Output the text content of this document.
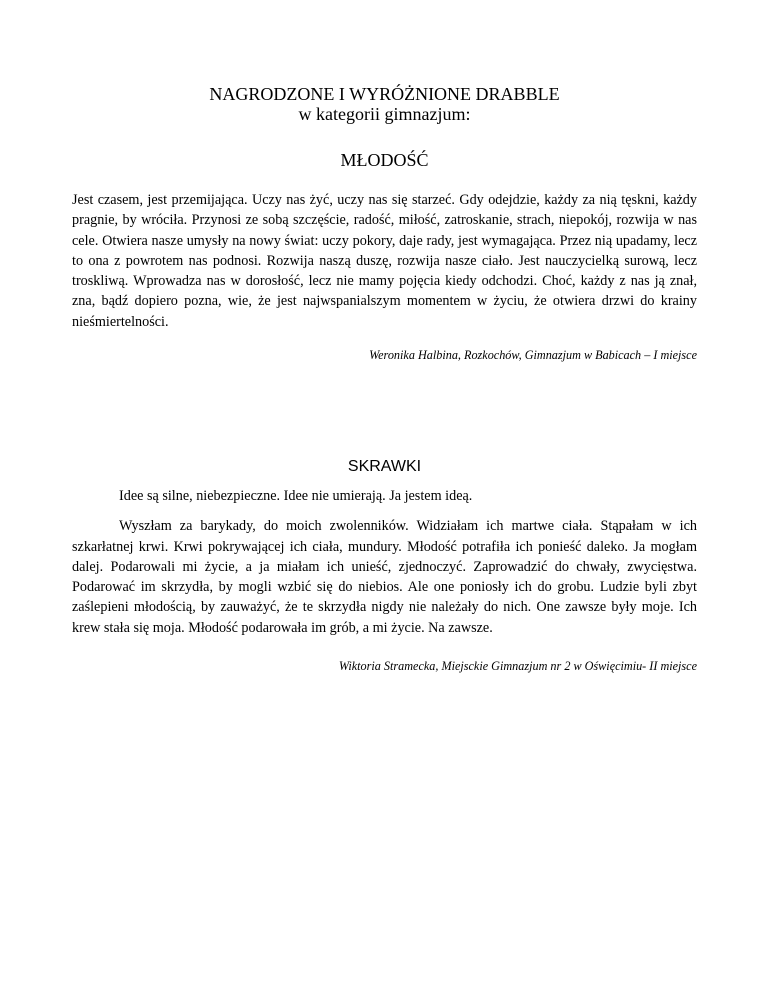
NAGRODZONE I WYRÓŻNIONE DRABBLE
w kategorii gimnazjum:
MŁODOŚĆ

Jest czasem, jest przemijająca. Uczy nas żyć, uczy nas się starzeć. Gdy odejdzie, każdy za nią tęskni, każdy pragnie, by wróciła. Przynosi ze sobą szczęście, radość, miłość, zatroskanie, strach, niepokój, rozwija w nas cele. Otwiera nasze umysły na nowy świat: uczy pokory, daje rady, jest wymagająca. Przez nią upadamy, lecz to ona z powrotem nas podnosi. Rozwija naszą duszę, rozwija nasze ciało. Jest nauczycielką surową, lecz troskliwą. Wprowadza nas w dorosłość, lecz nie mamy pojęcia kiedy odchodzi. Choć, każdy z nas ją znał, zna, bądź dopiero pozna, wie, że jest najwspanialszym momentem w życiu, że otwiera drzwi do krainy nieśmiertelności.

Weronika Halbina, Rozkochów, Gimnazjum w Babicach – I miejsce
SKRAWKI

Idee są silne, niebezpieczne. Idee nie umierają. Ja jestem ideą.

Wyszłam za barykady, do moich zwolenników. Widziałam ich martwe ciała. Stąpałam w ich szkarłatnej krwi. Krwi pokrywającej ich ciała, mundury. Młodość potrafiła ich ponieść daleko. Ja mogłam dalej. Podarowali mi życie, a ja miałam ich unieść, zjednoczyć. Zaprowadzić do chwały, zwycięstwa. Podarować im skrzydła, by mogli wzbić się do niebios. Ale one poniosły ich do grobu. Ludzie byli zbyt zaślepieni młodością, by zauważyć, że te skrzydła nigdy nie należały do nich. One zawsze były moje. Ich krew stała się moja. Młodość podarowała im grób, a mi życie. Na zawsze.

Wiktoria Stramecka, Miejsckie Gimnazjum nr 2 w Oświęcimiu- II miejsce
